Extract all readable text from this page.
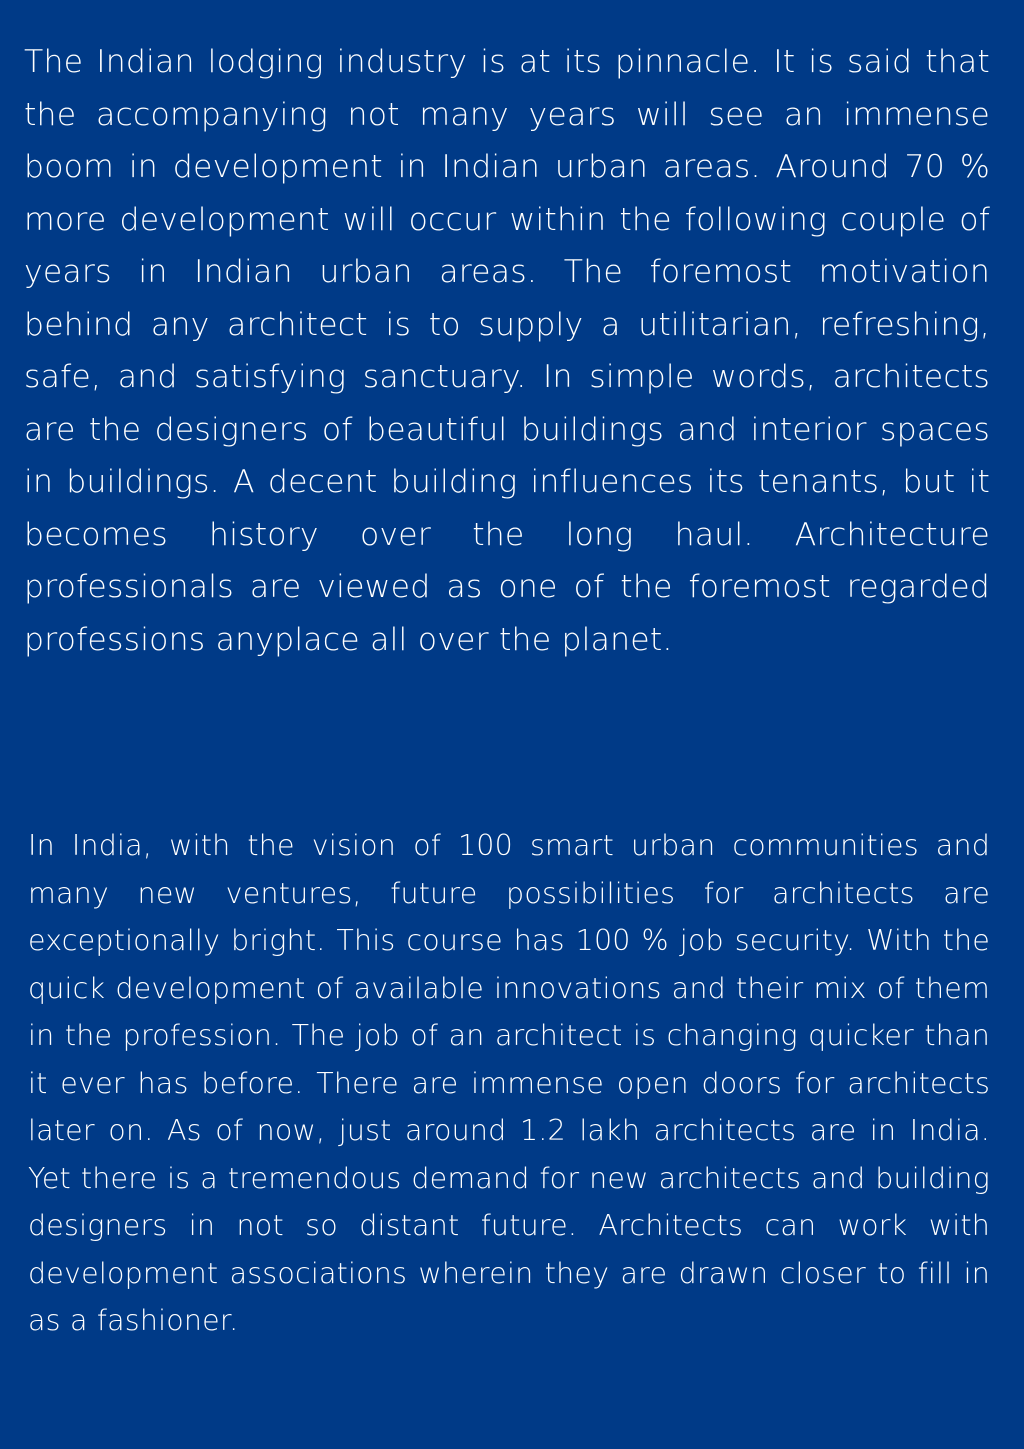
The Indian lodging industry is at its pinnacle. It is said that the accompanying not many years will see an immense boom in development in Indian urban areas. Around 70 % more development will occur within the following couple of years in Indian urban areas. The foremost motivation behind any architect is to supply a utilitarian, refreshing, safe, and satisfying sanctuary. In simple words, architects are the designers of beautiful buildings and interior spaces in buildings. A decent building influences its tenants, but it becomes history over the long haul. Architecture professionals are viewed as one of the foremost regarded professions anyplace all over the planet.

In India, with the vision of 100 smart urban communities and many new ventures, future possibilities for architects are exceptionally bright. This course has 100 % job security. With the quick development of available innovations and their mix of them in the profession. The job of an architect is changing quicker than it ever has before. There are immense open doors for architects later on. As of now, just around 1.2 lakh architects are in India. Yet there is a tremendous demand for new architects and building designers in not so distant future. Architects can work with development associations wherein they are drawn closer to fill in as a fashioner.
